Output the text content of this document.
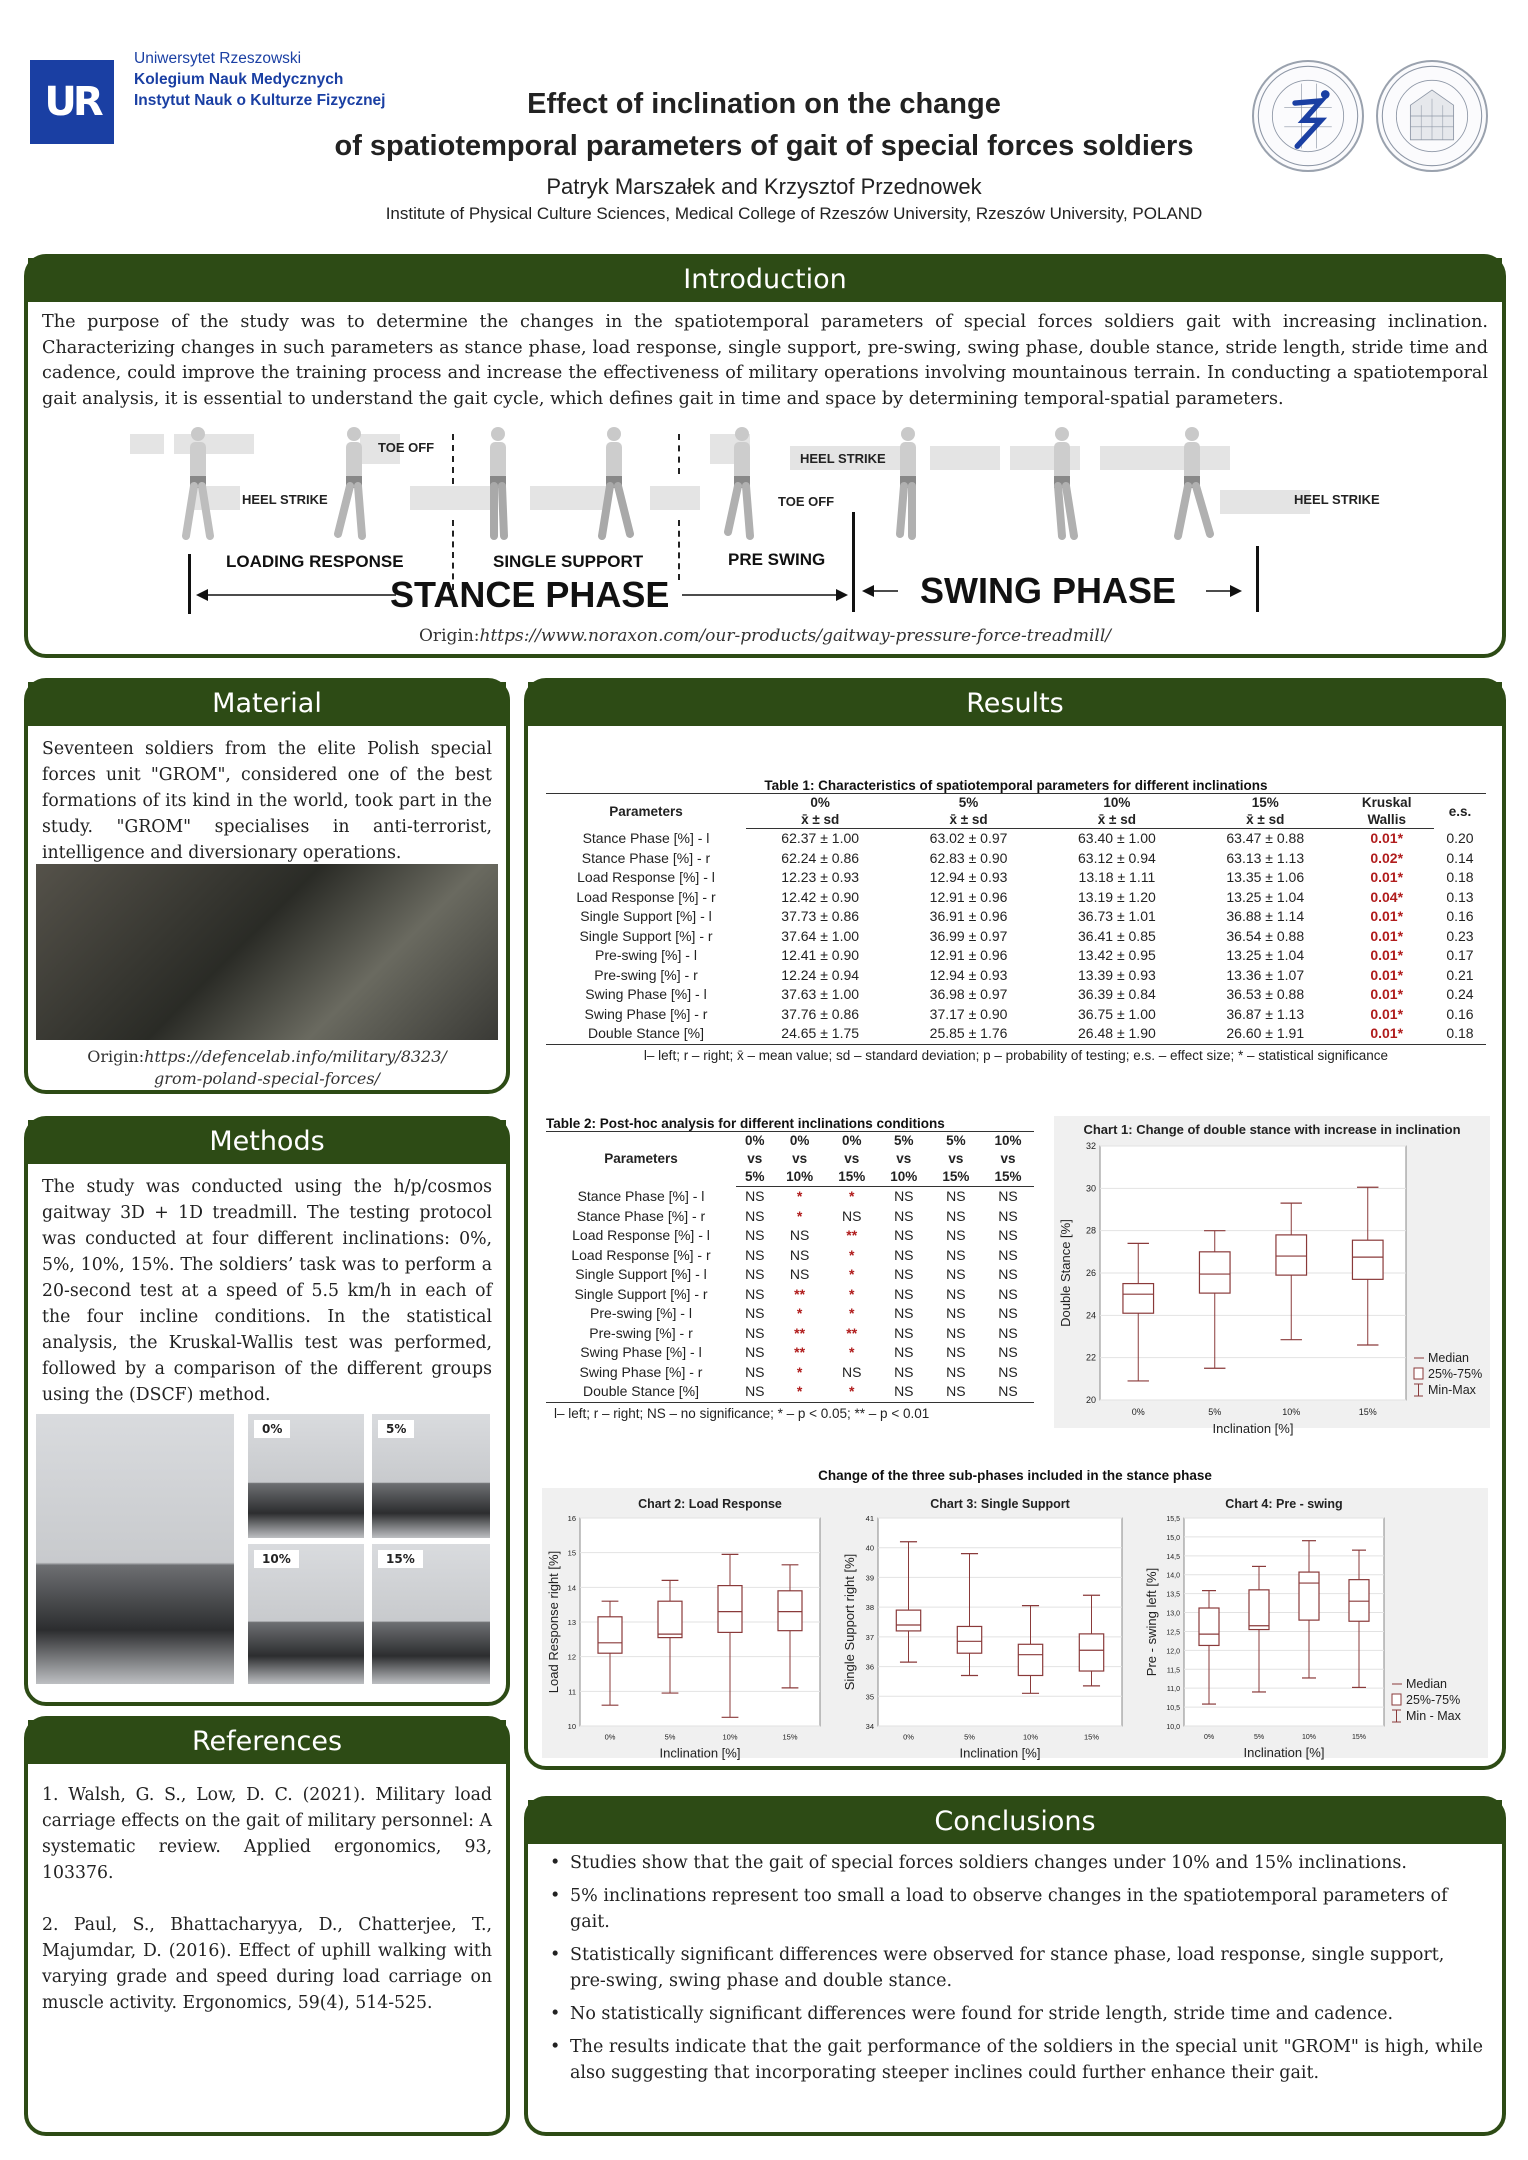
UR
Uniwersytet Rzeszowski
Kolegium Nauk Medycznych
Instytut Nauk o Kulturze Fizycznej	Effect of inclination on the change
of spatiotemporal parameters of gait of special forces soldiers
Patryk Marszałek and Krzysztof Przednowek
Institute of Physical Culture Sciences, Medical College of Rzeszów University, Rzeszów University, POLAND
Introduction
The purpose of the study was to determine the changes in the spatiotemporal parameters of special forces soldiers gait with increasing inclination. Characterizing changes in such parameters as stance phase, load response, single support, pre-swing, swing phase, double stance, stride length, stride time and cadence, could improve the training process and increase the effectiveness of military operations involving mountainous terrain. In conducting a spatiotemporal gait analysis, it is essential to understand the gait cycle, which defines gait in time and space by determining temporal-spatial parameters.
TOE OFF
HEEL STRIKE
HEEL STRIKE
TOE OFF	HEEL STRIKE
LOADING RESPONSE	SINGLE SUPPORT	PRE SWING
STANCE PHASE	SWING PHASE
Origin:https://www.noraxon.com/our-products/gaitway-pressure-force-treadmill/
Material
Seventeen soldiers from the elite Polish special forces unit "GROM", considered one of the best formations of its kind in the world, took part in the study. "GROM" specialises in anti-terrorist, intelligence and diversionary operations.
Origin:https://defencelab.info/military/8323/
grom-poland-special-forces/
Methods
The study was conducted using the h/p/cosmos gaitway 3D + 1D treadmill. The testing protocol was conducted at four different inclinations: 0%, 5%, 10%, 15%. The soldiers’ task was to perform a 20-second test at a speed of 5.5 km/h in each of the four incline conditions. In the statistical analysis, the Kruskal-Wallis test was performed, followed by a comparison of the different groups using the (DSCF) method.
0%	5%
10%	15%
References

1. Walsh, G. S., Low, D. C. (2021). Military load carriage effects on the gait of military personnel: A systematic review. Applied ergonomics, 93, 103376.

2. Paul, S., Bhattacharyya, D., Chatterjee, T., Majumdar, D. (2016). Effect of uphill walking with varying grade and speed during load carriage on muscle activity. Ergonomics, 59(4), 514-525.

Results
Table 1: Characteristics of spatiotemporal parameters for different inclinations
Parameters	0%	5%	10%	15%	Kruskal	e.s.
	x̄ ± sd	x̄ ± sd	x̄ ± sd	x̄ ± sd	Wallis	
Stance Phase [%] - l	62.37 ± 1.00	63.02 ± 0.97	63.40 ± 1.00	63.47 ± 0.88	0.01*	0.20
Stance Phase [%] - r	62.24 ± 0.86	62.83 ± 0.90	63.12 ± 0.94	63.13 ± 1.13	0.02*	0.14
Load Response [%] - l	12.23 ± 0.93	12.94 ± 0.93	13.18 ± 1.11	13.35 ± 1.06	0.01*	0.18
Load Response [%] - r	12.42 ± 0.90	12.91 ± 0.96	13.19 ± 1.20	13.25 ± 1.04	0.04*	0.13
Single Support [%] - l	37.73 ± 0.86	36.91 ± 0.96	36.73 ± 1.01	36.88 ± 1.14	0.01*	0.16
Single Support [%] - r	37.64 ± 1.00	36.99 ± 0.97	36.41 ± 0.85	36.54 ± 0.88	0.01*	0.23
Pre-swing [%] - l	12.41 ± 0.90	12.91 ± 0.96	13.42 ± 0.95	13.25 ± 1.04	0.01*	0.17
Pre-swing [%] - r	12.24 ± 0.94	12.94 ± 0.93	13.39 ± 0.93	13.36 ± 1.07	0.01*	0.21
Swing Phase [%] - l	37.63 ± 1.00	36.98 ± 0.97	36.39 ± 0.84	36.53 ± 0.88	0.01*	0.24
Swing Phase [%] - r	37.76 ± 0.86	37.17 ± 0.90	36.75 ± 1.00	36.87 ± 1.13	0.01*	0.16
Double Stance [%]	24.65 ± 1.75	25.85 ± 1.76	26.48 ± 1.90	26.60 ± 1.91	0.01*	0.18
l– left; r – right; x̄ – mean value; sd – standard deviation; p – probability of testing; e.s. – effect size; * – statistical significance
Table 2: Post-hoc analysis for different inclinations conditions
Parameters	0%	0%	0%	5%	5%	10%
	vs	vs	vs	vs	vs	vs
	5%	10%	15%	10%	15%	15%
Stance Phase [%] - l	NS	*	*	NS	NS	NS
Stance Phase [%] - r	NS	*	NS	NS	NS	NS
Load Response [%] - l	NS	NS	**	NS	NS	NS
Load Response [%] - r	NS	NS	*	NS	NS	NS
Single Support [%] - l	NS	NS	*	NS	NS	NS
Single Support [%] - r	NS	**	*	NS	NS	NS
Pre-swing [%] - l	NS	*	*	NS	NS	NS
Pre-swing [%] - r	NS	**	**	NS	NS	NS
Swing Phase [%] - l	NS	**	*	NS	NS	NS
Swing Phase [%] - r	NS	*	NS	NS	NS	NS
Double Stance [%]	NS	*	*	NS	NS	NS
l– left; r – right; NS – no significance; * – p < 0.05; ** – p < 0.01
Chart 1: Change of double stance with increase in inclination
20
22
24
26
28
30
32
0%	5%	10%	15%
Inclination [%]
Double Stance [%]
Median
25%-75%
Min-Max
Change of the three sub-phases included in the stance phase
Chart 2: Load Response
10
11
12
13
14
15
16
0%	5%	10%	15%
Inclination [%]
Load Response right [%]
Chart 3: Single Support
34
35
36
37
38
39
40
41
0%	5%	10%	15%
Inclination [%]
Single Support right [%]
Chart 4: Pre - swing
10,0
10,5
11,0
11,5
12,0
12,5
13,0
13,5
14,0
14,5
15,0
15,5
0%	5%	10%	15%
Inclination [%]
Pre - swing left [%]
Median
25%-75%
Min - Max
Conclusions
• Studies show that the gait of special forces soldiers changes under 10% and 15% inclinations.
• 5% inclinations represent too small a load to observe changes in the spatiotemporal parameters of gait.
• Statistically significant differences were observed for stance phase, load response, single support, pre-swing, swing phase and double stance.
• No statistically significant differences were found for stride length, stride time and cadence.
• The results indicate that the gait performance of the soldiers in the special unit "GROM" is high, while also suggesting that incorporating steeper inclines could further enhance their gait.
